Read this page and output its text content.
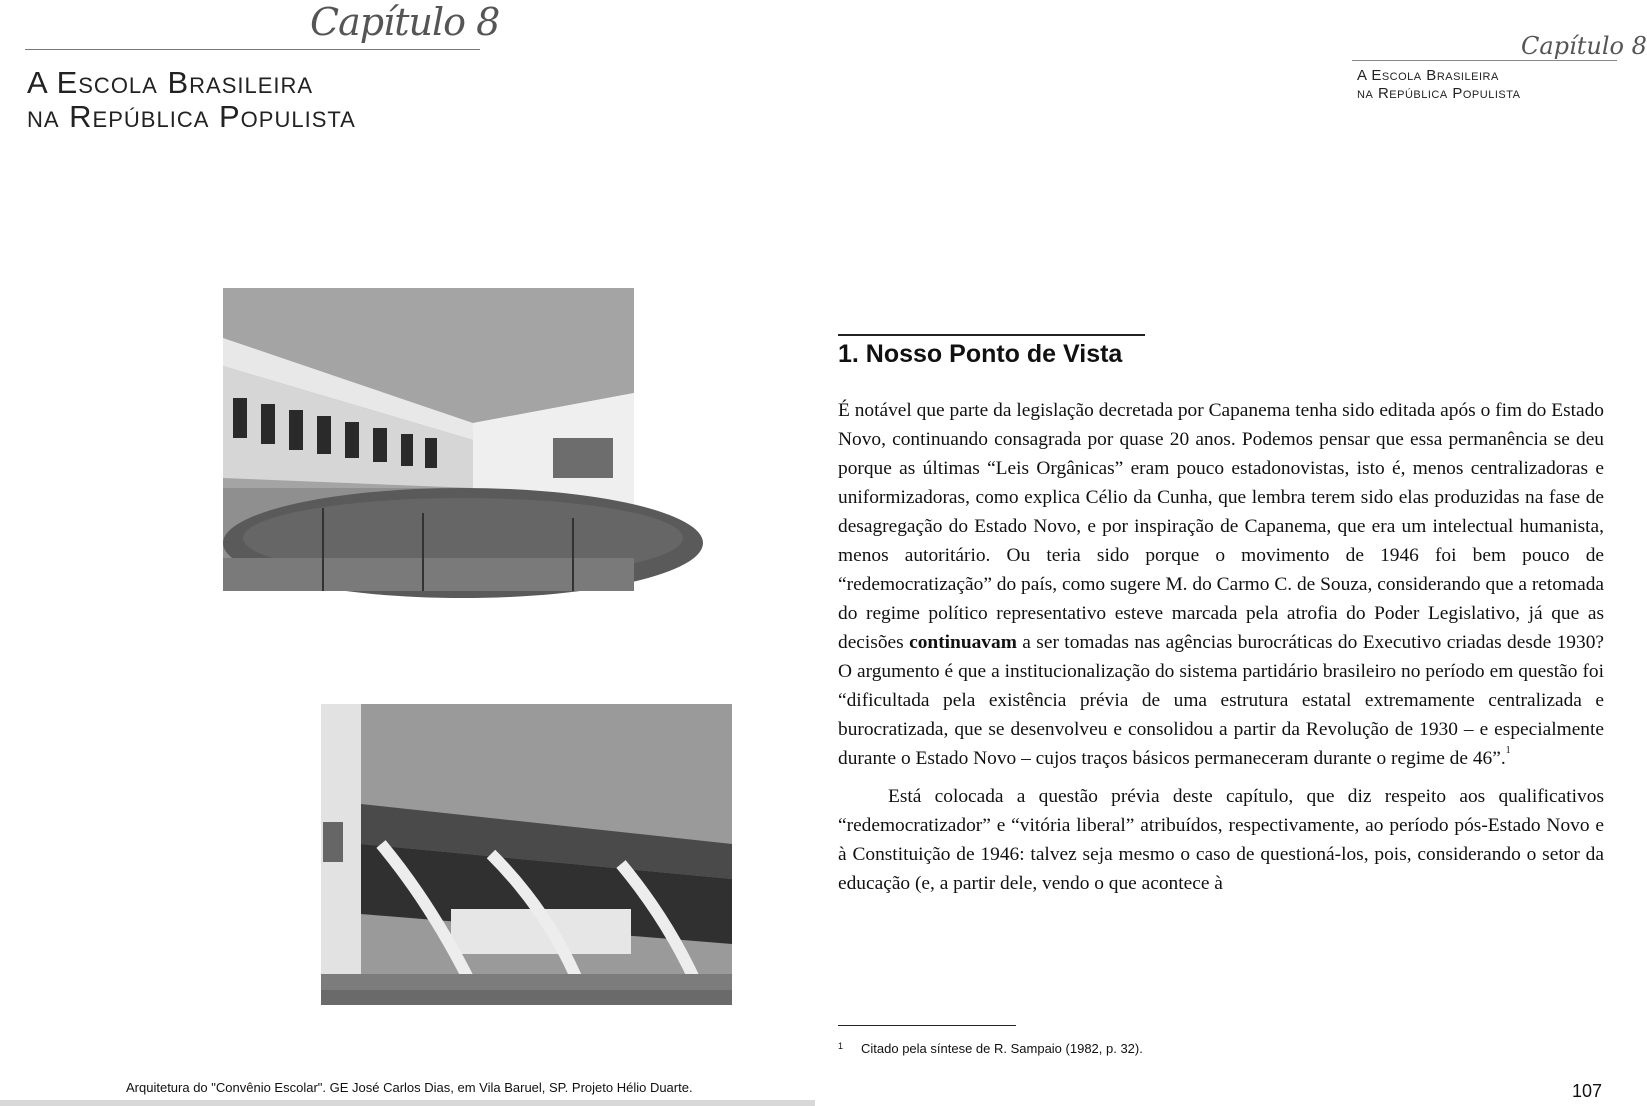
Capítulo 8
A Escola Brasileira
na República Populista
Arquitetura do "Convênio Escolar". GE José Carlos Dias, em Vila Baruel, SP. Projeto Hélio Duarte.
Capítulo 8
A Escola Brasileira
na República Populista
1. Nosso Ponto de Vista

É notável que parte da legislação decretada por Capanema tenha sido editada após o fim do Estado Novo, continuando consagrada por quase 20 anos. Podemos pensar que essa permanência se deu porque as últimas “Leis Orgânicas” eram pouco estadonovistas, isto é, menos centralizadoras e uniformizadoras, como explica Célio da Cunha, que lembra terem sido elas produzidas na fase de desagregação do Estado Novo, e por inspiração de Capanema, que era um intelectual humanista, menos autoritário. Ou teria sido porque o movimento de 1946 foi bem pouco de “redemocratização” do país, como sugere M. do Carmo C. de Souza, considerando que a retomada do regime político representativo esteve marcada pela atrofia do Poder Legislativo, já que as decisões continuavam a ser tomadas nas agências burocráticas do Executivo criadas desde 1930? O argumento é que a institucionalização do sistema partidário brasileiro no período em questão foi “dificultada pela existência prévia de uma estrutura estatal extremamente centralizada e burocratizada, que se desenvolveu e consolidou a partir da Revolução de 1930 – e especialmente durante o Estado Novo – cujos traços básicos permaneceram durante o regime de 46”.$^1$

Está colocada a questão prévia deste capítulo, que diz respeito aos qualificativos “redemocratizador” e “vitória liberal” atribuídos, respectivamente, ao período pós-Estado Novo e à Constituição de 1946: talvez seja mesmo o caso de questioná-los, pois, considerando o setor da educação (e, a partir dele, vendo o que acontece à

$^1$ Citado pela síntese de R. Sampaio (1982, p. 32).
107
